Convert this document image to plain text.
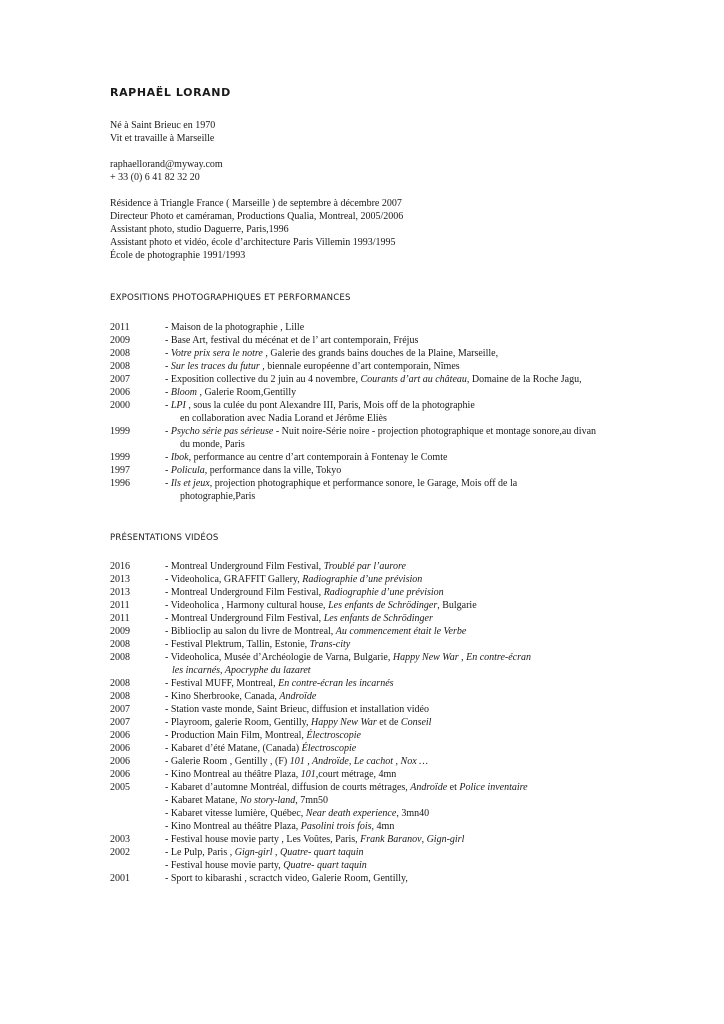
RAPHAËL LORAND
Né à Saint Brieuc en 1970
Vit et travaille à Marseille
raphaellorand@myway.com
+ 33 (0) 6 41 82 32 20
Résidence à Triangle France ( Marseille ) de septembre à décembre 2007
Directeur Photo et caméraman, Productions Qualia, Montreal, 2005/2006
Assistant photo, studio Daguerre, Paris,1996
Assistant photo et vidéo, école d’architecture Paris Villemin 1993/1995
École de photographie 1991/1993
EXPOSITIONS PHOTOGRAPHIQUES ET PERFORMANCES
2011	- Maison de la photographie , Lille
2009	- Base Art, festival du mécénat et de l’ art contemporain, Fréjus
2008	- Votre prix sera le notre , Galerie des grands bains douches de la Plaine, Marseille,
2008	- Sur les traces du futur , biennale européenne d’art contemporain, Nîmes
2007	- Exposition collective du 2 juin au 4 novembre, Courants d’art au château, Domaine de la Roche Jagu,
2006	- Bloom , Galerie Room,Gentilly
2000	- LPI , sous la culée du pont Alexandre III, Paris, Mois off de la photographie
en collaboration avec Nadia Lorand et Jérôme Eliès
1999	- Psycho série pas sérieuse - Nuit noire-Série noire - projection photographique et montage sonore,au divan
du monde, Paris
1999	- Ibok, performance au centre d’art contemporain à Fontenay le Comte
1997	- Policula, performance dans la ville, Tokyo
1996	- Ils et jeux, projection photographique et performance sonore, le Garage, Mois off de la
photographie,Paris
PRÉSENTATIONS VIDÉOS
2016	- Montreal Underground Film Festival, Troublé par l’aurore
2013	- Videoholica, GRAFFIT Gallery, Radiographie d’une prévision
2013	- Montreal Underground Film Festival, Radiographie d’une prévision
2011	- Videoholica , Harmony cultural house, Les enfants de Schrödinger, Bulgarie
2011	- Montreal Underground Film Festival, Les enfants de Schrödinger
2009	- Biblioclip au salon du livre de Montreal, Au commencement était le Verbe
2008	- Festival Plektrum, Tallin, Estonie, Trans-city
2008	- Videoholica, Musée d’Archéologie de Varna, Bulgarie, Happy New War , En contre-écran
les incarnés, Apocryphe du lazaret
2008	- Festival MUFF, Montreal, En contre-écran les incarnés
2008	- Kino Sherbrooke, Canada, Androïde
2007	- Station vaste monde, Saint Brieuc, diffusion et installation vidéo
2007	- Playroom, galerie Room, Gentilly, Happy New War et de Conseil
2006	- Production Main Film, Montreal, Électroscopie
2006	- Kabaret d’été Matane, (Canada) Électroscopie
2006	- Galerie Room , Gentilly , (F) 101 , Androïde, Le cachot , Nox …
2006	- Kino Montreal au théâtre Plaza, 101,court métrage, 4mn
2005	- Kabaret d’automne Montréal, diffusion de courts métrages, Androïde et Police inventaire
- Kabaret Matane, No story-land, 7mn50
- Kabaret vitesse lumière, Québec, Near death experience, 3mn40
- Kino Montreal au théâtre Plaza, Pasolini trois fois, 4mn
2003	- Festival house movie party , Les Voûtes, Paris, Frank Baranov, Gign-girl
2002	- Le Pulp, Paris , Gign-girl , Quatre- quart taquin
- Festival house movie party, Quatre- quart taquin
2001	- Sport to kibarashi , scractch video, Galerie Room, Gentilly,
